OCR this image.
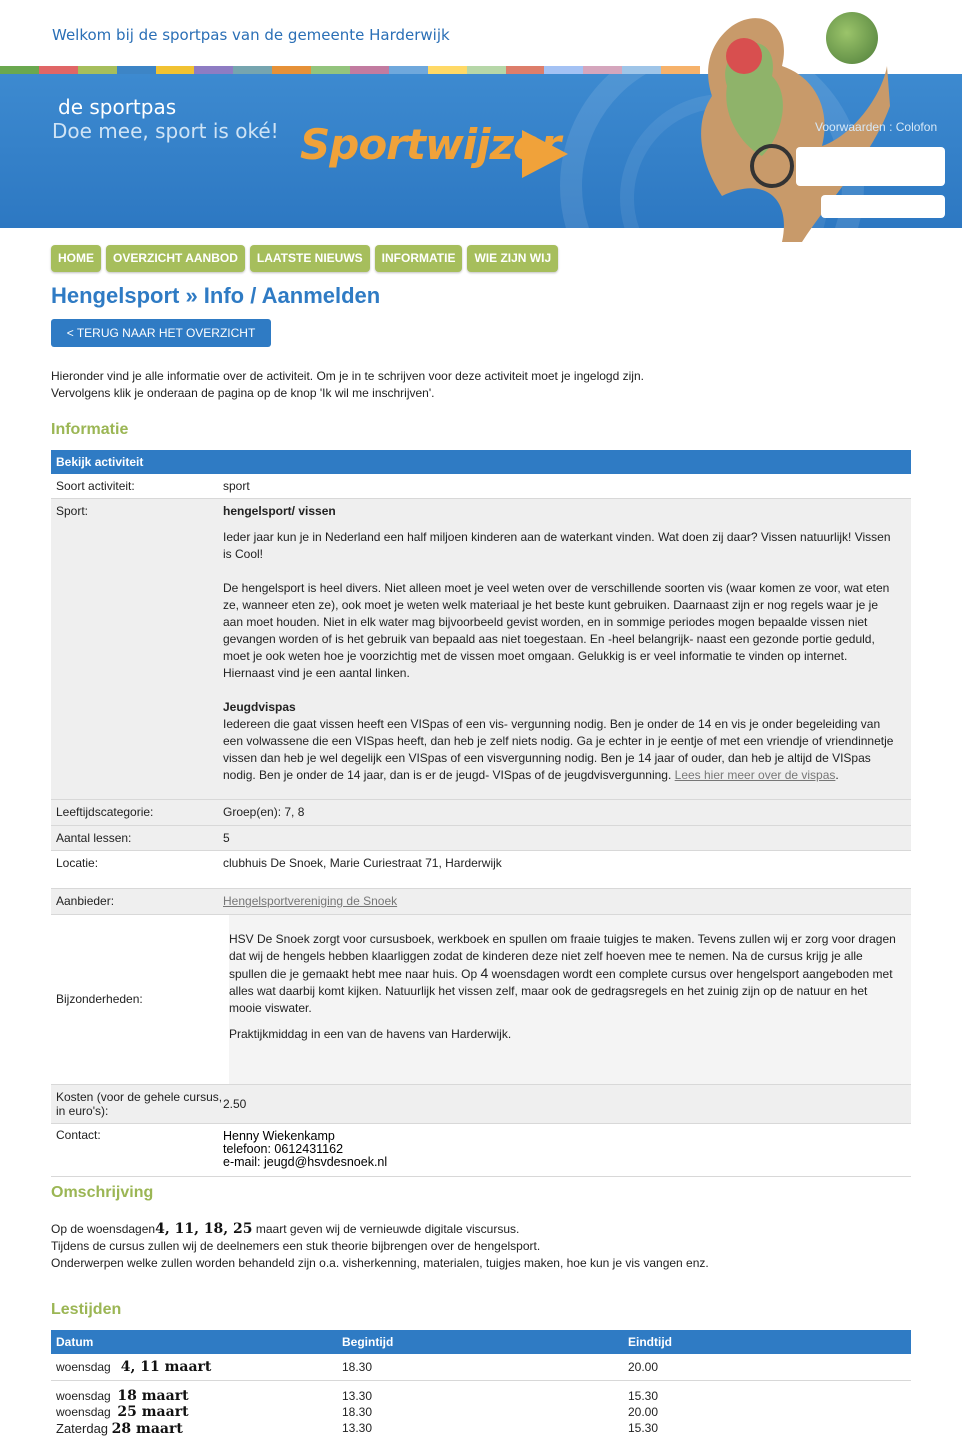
Welkom bij de sportpas van de gemeente Harderwijk
de sportpas
Doe mee, sport is oké! Sportwijzer	Voorwaarden : Colofon
HOME	OVERZICHT AANBOD	LAATSTE NIEUWS	INFORMATIE	WIE ZIJN WIJ
Hengelsport » Info / Aanmelden
< TERUG NAAR HET OVERZICHT
Hieronder vind je alle informatie over de activiteit. Om je in te schrijven voor deze activiteit moet je ingelogd zijn.
Vervolgens klik je onderaan de pagina op de knop 'Ik wil me inschrijven'.
Informatie
Bekijk activiteit
Soort activiteit:	sport
Sport:	hengelsport/ vissen

Ieder jaar kun je in Nederland een half miljoen kinderen aan de waterkant vinden. Wat doen zij daar? Vissen natuurlijk! Vissen is Cool!

De hengelsport is heel divers. Niet alleen moet je veel weten over de verschillende soorten vis (waar komen ze voor, wat eten ze, wanneer eten ze), ook moet je weten welk materiaal je het beste kunt gebruiken. Daarnaast zijn er nog regels waar je je aan moet houden. Niet in elk water mag bijvoorbeeld gevist worden, en in sommige periodes mogen bepaalde vissen niet gevangen worden of is het gebruik van bepaald aas niet toegestaan. En -heel belangrijk- naast een gezonde portie geduld, moet je ook weten hoe je voorzichtig met de vissen moet omgaan. Gelukkig is er veel informatie te vinden op internet. Hiernaast vind je een aantal linken.

Jeugdvispas

Iedereen die gaat vissen heeft een VISpas of een vis- vergunning nodig. Ben je onder de 14 en vis je onder begeleiding van een volwassene die een VISpas heeft, dan heb je zelf niets nodig. Ga je echter in je eentje of met een vriendje of vriendinnetje vissen dan heb je wel degelijk een VISpas of een visvergunning nodig. Ben je 14 jaar of ouder, dan heb je altijd de VISpas nodig. Ben je onder de 14 jaar, dan is er de jeugd- VISpas of de jeugdvisvergunning. Lees hier meer over de vispas.

Leeftijdscategorie:	Groep(en): 7, 8
Aantal lessen:	5
Locatie:	clubhuis De Snoek, Marie Curiestraat 71, Harderwijk
Aanbieder:	Hengelsportvereniging de Snoek
Bijzonderheden:

HSV De Snoek zorgt voor cursusboek, werkboek en spullen om fraaie tuigjes te maken. Tevens zullen wij er zorg voor dragen dat wij de hengels hebben klaarliggen zodat de kinderen deze niet zelf hoeven mee te nemen. Na de cursus krijg je alle spullen die je gemaakt hebt mee naar huis. Op 4 woensdagen wordt een complete cursus over hengelsport aangeboden met alles wat daarbij komt kijken. Natuurlijk het vissen zelf, maar ook de gedragsregels en het zuinig zijn op de natuur en het mooie viswater.

Praktijkmiddag in een van de havens van Harderwijk.

Kosten (voor de gehele cursus, in euro's):	2.50
Contact:	Henny Wiekenkamp
telefoon: 0612431162
e-mail: jeugd@hsvdesnoek.nl
Omschrijving
Op de woensdagen4, 11, 18, 25 maart geven wij de vernieuwde digitale viscursus.
Tijdens de cursus zullen wij de deelnemers een stuk theorie bijbrengen over de hengelsport.
Onderwerpen welke zullen worden behandeld zijn o.a. visherkenning, materialen, tuigjes maken, hoe kun je vis vangen enz.
Lestijden
Datum	Begintijd	Eindtijd
woensdag 4, 11 maart	18.30	20.00
woensdag 18 maart	13.30	15.30
woensdag 25 maart	18.30	20.00
Zaterdag 28 maart	13.30	15.30
